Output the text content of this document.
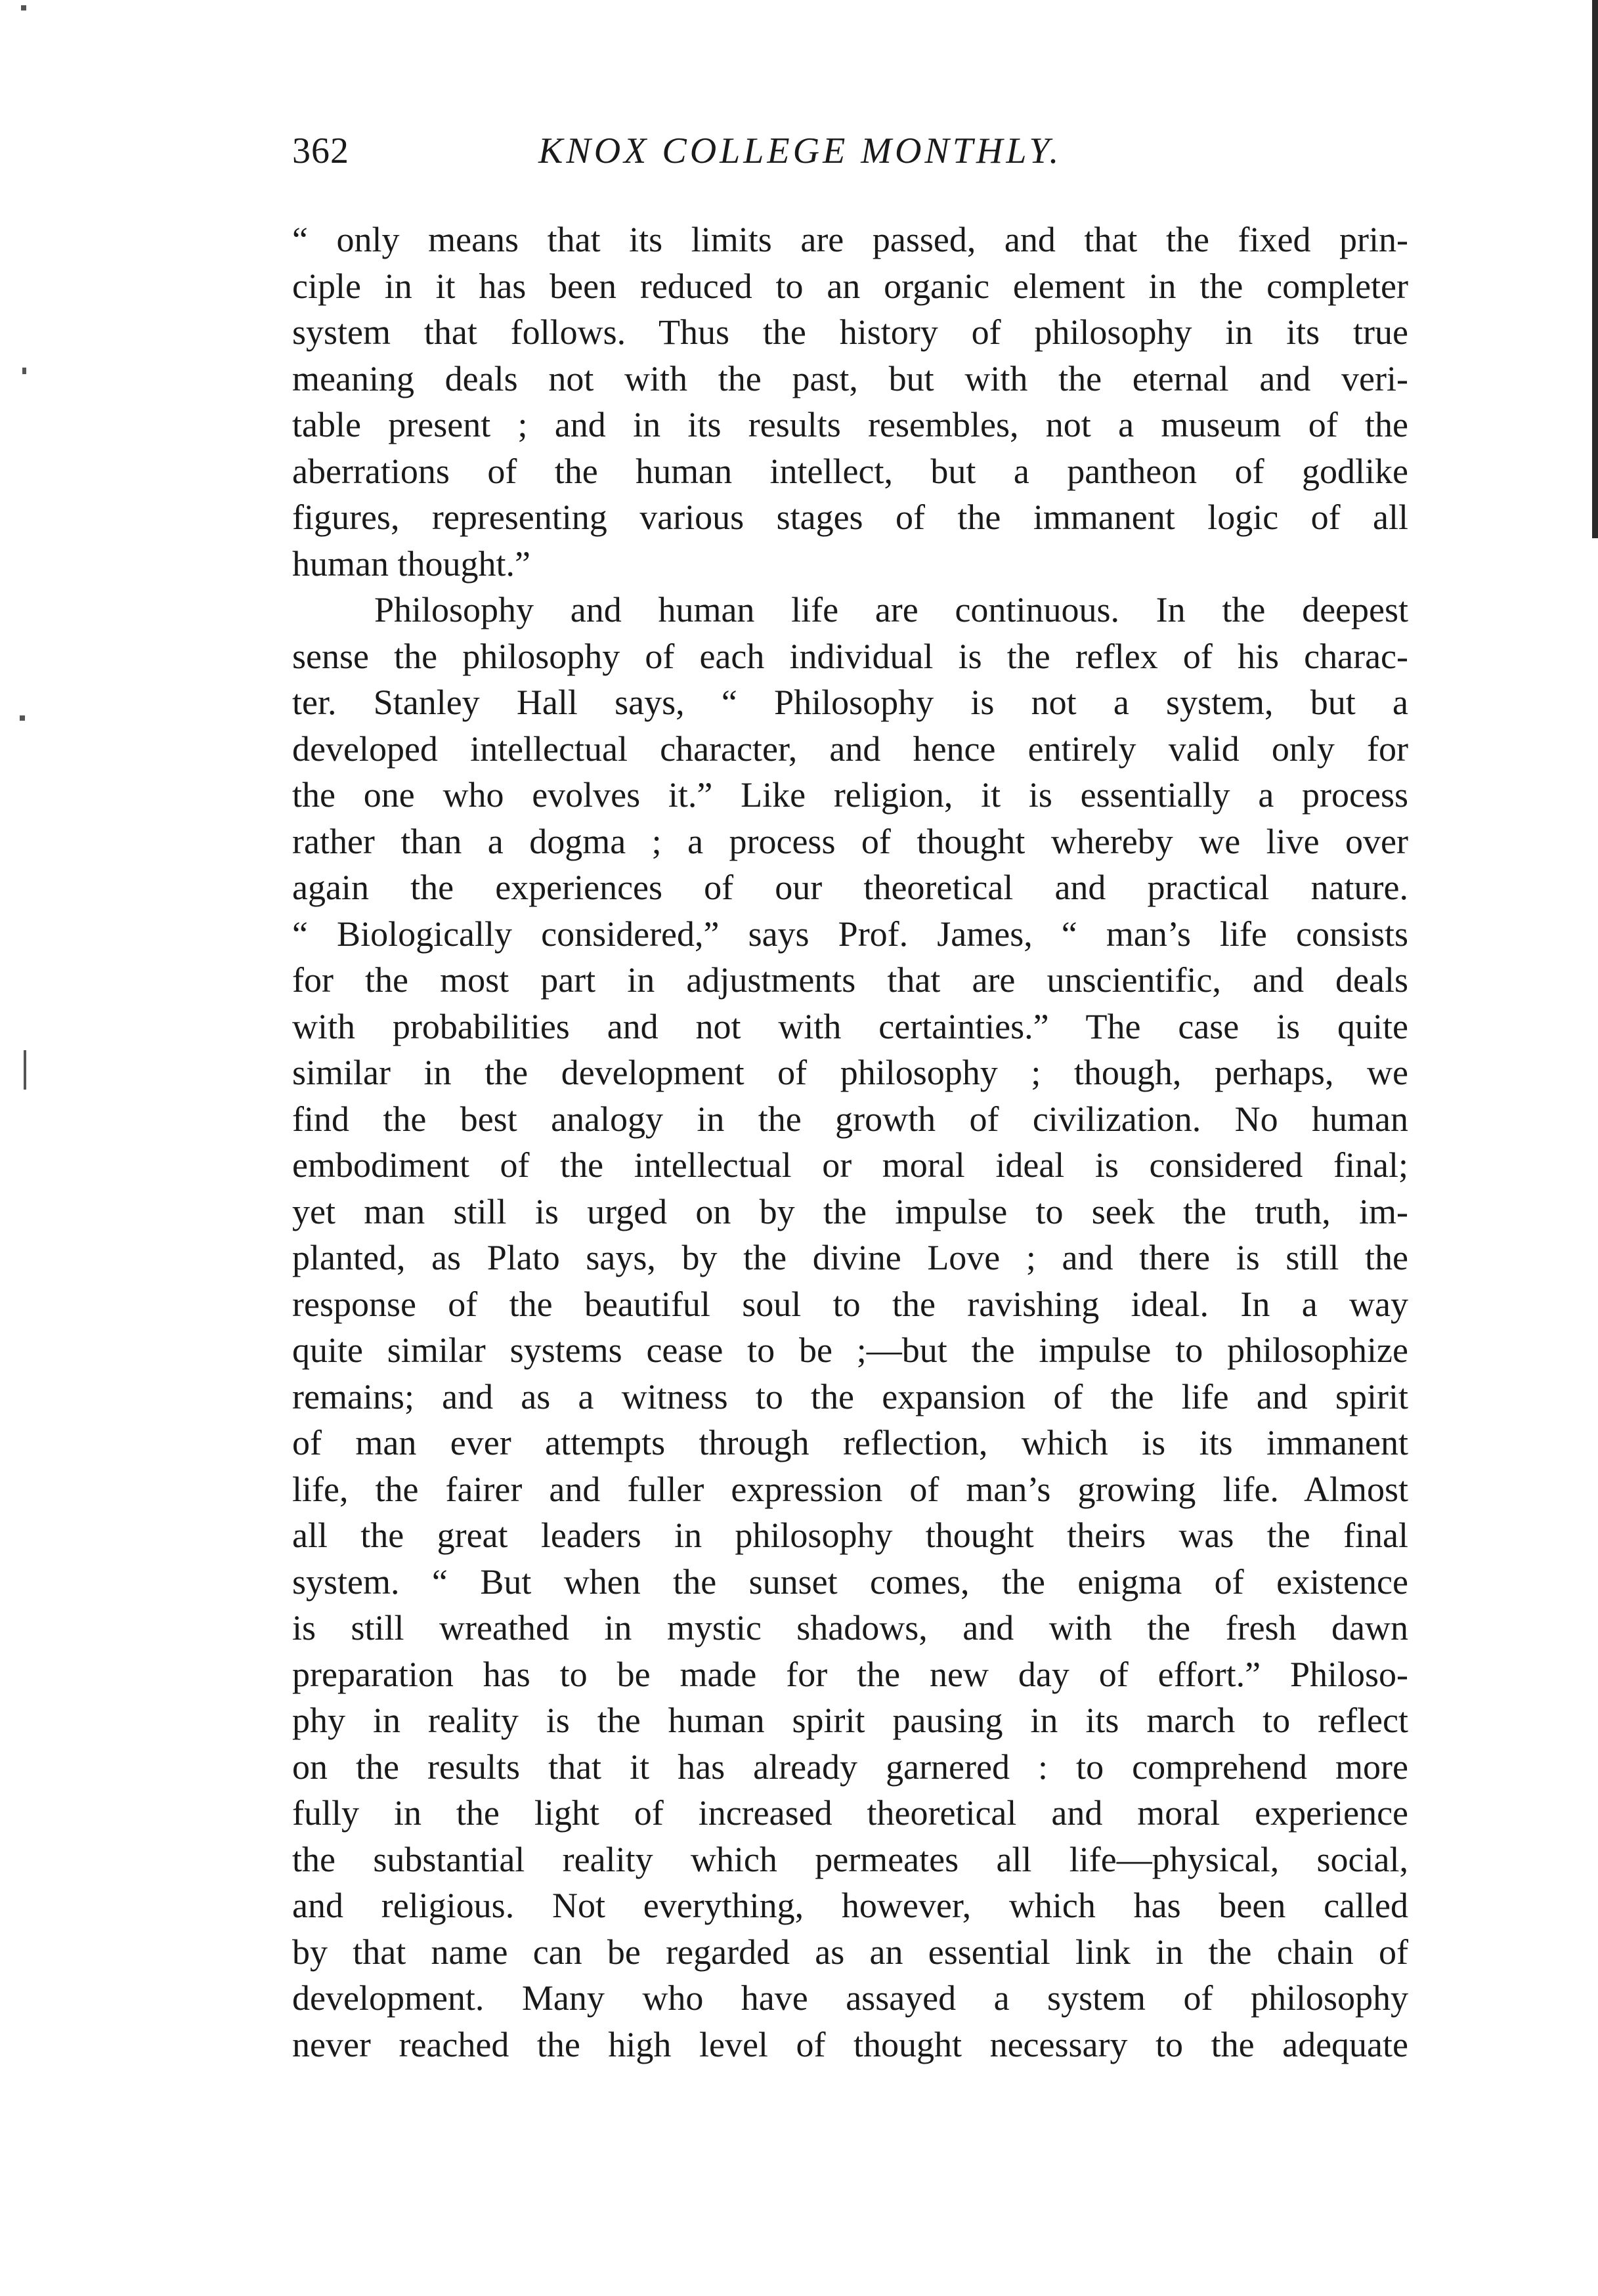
362	KNOX COLLEGE MONTHLY.
“ only means that its limits are passed, and that the fixed prin-
ciple in it has been reduced to an organic element in the completer
system that follows. Thus the history of philosophy in its true
meaning deals not with the past, but with the eternal and veri-
table present ; and in its results resembles, not a museum of the
aberrations of the human intellect, but a pantheon of godlike
figures, representing various stages of the immanent logic of all
human thought.”
Philosophy and human life are continuous. In the deepest
sense the philosophy of each individual is the reflex of his charac-
ter. Stanley Hall says, “ Philosophy is not a system, but a
developed intellectual character, and hence entirely valid only for
the one who evolves it.” Like religion, it is essentially a process
rather than a dogma ; a process of thought whereby we live over
again the experiences of our theoretical and practical nature.
“ Biologically considered,” says Prof. James, “ man’s life consists
for the most part in adjustments that are unscientific, and deals
with probabilities and not with certainties.” The case is quite
similar in the development of philosophy ; though, perhaps, we
find the best analogy in the growth of civilization. No human
embodiment of the intellectual or moral ideal is considered final;
yet man still is urged on by the impulse to seek the truth, im-
planted, as Plato says, by the divine Love ; and there is still the
response of the beautiful soul to the ravishing ideal. In a way
quite similar systems cease to be ;—but the impulse to philosophize
remains; and as a witness to the expansion of the life and spirit
of man ever attempts through reflection, which is its immanent
life, the fairer and fuller expression of man’s growing life. Almost
all the great leaders in philosophy thought theirs was the final
system. “ But when the sunset comes, the enigma of existence
is still wreathed in mystic shadows, and with the fresh dawn
preparation has to be made for the new day of effort.” Philoso-
phy in reality is the human spirit pausing in its march to reflect
on the results that it has already garnered : to comprehend more
fully in the light of increased theoretical and moral experience
the substantial reality which permeates all life—physical, social,
and religious. Not everything, however, which has been called
by that name can be regarded as an essential link in the chain of
development. Many who have assayed a system of philosophy
never reached the high level of thought necessary to the adequate
